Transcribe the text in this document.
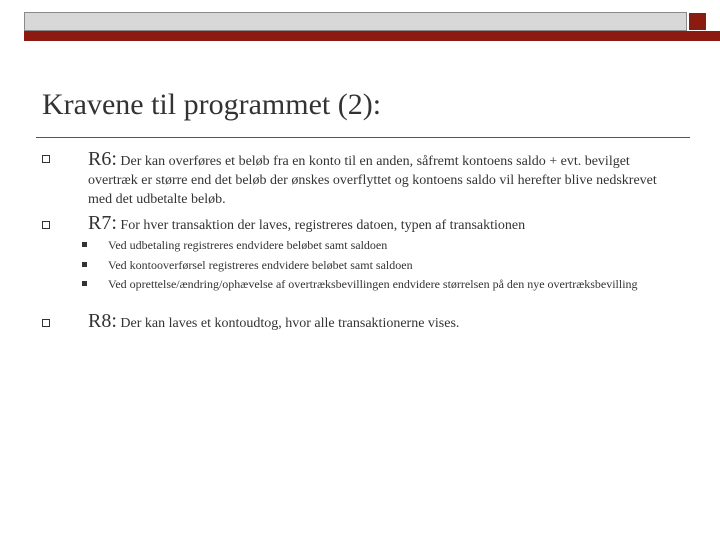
Kravene til programmet (2):
R6: Der kan overføres et beløb fra en konto til en anden, såfremt kontoens saldo + evt. bevilget overtræk er større end det beløb der ønskes overflyttet og kontoens saldo vil herefter blive nedskrevet med det udbetalte beløb.
R7: For hver transaktion der laves, registreres datoen, typen af transaktionen
Ved udbetaling registreres endvidere beløbet samt saldoen
Ved kontooverførsel registreres endvidere beløbet samt saldoen
Ved oprettelse/ændring/ophævelse af overtræksbevillingen endvidere størrelsen på den nye overtræksbevilling
R8: Der kan laves et kontoudtog, hvor alle transaktionerne vises.
